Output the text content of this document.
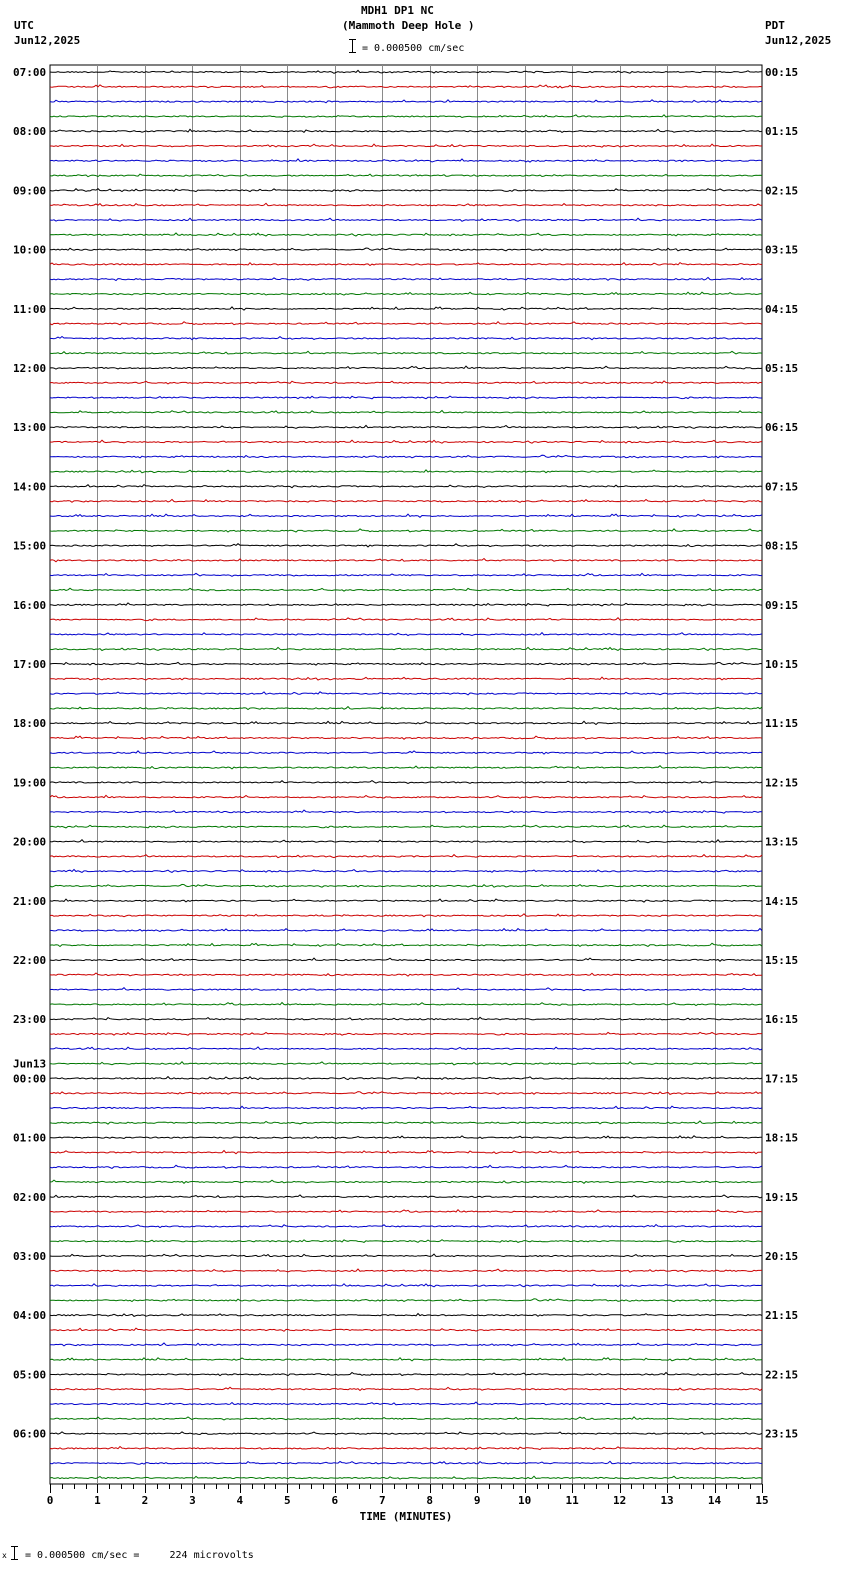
MDH1 DP1 NC
(Mammoth Deep Hole )
UTC
Jun12,2025
PDT
Jun12,2025
= 0.000500 cm/sec
07:00
08:00
09:00
10:00
11:00
12:00
13:00
14:00
15:00
16:00
17:00
18:00
19:00
20:00
21:00
22:00
23:00
00:00
01:00
02:00
03:00
04:00
05:00
06:00
00:15
01:15
02:15
03:15
04:15
05:15
06:15
07:15
08:15
09:15
10:15
11:15
12:15
13:15
14:15
15:15
16:15
17:15
18:15
19:15
20:15
21:15
22:15
23:15
Jun13
0	1	2	3	4	5	6	7	8	9	10	11	12	13	14	15
TIME (MINUTES)
x = 0.000500 cm/sec =     224 microvolts
